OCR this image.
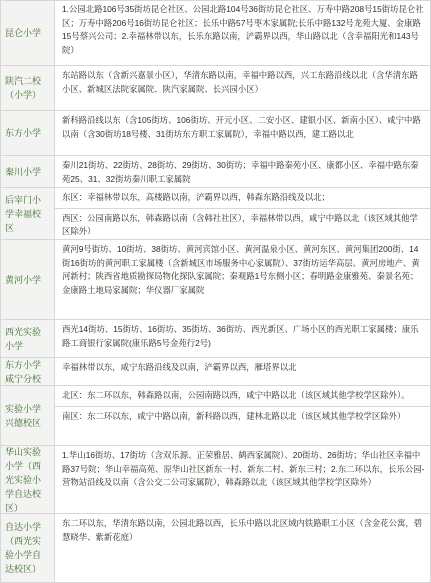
昆仑小学

1.公园北路106号35街坊昆仑社区、公园北路104号36街坊昆仑社区、万寿中路208号15街坊昆仑社区；万寿中路206号16街坊昆仑社区；长乐中路57号枣木家属院;长乐中路132号龙苑大厦、金康路15号蔡兴公司；2.幸福林带以东，长乐东路以南，浐霸界以西，华山路以北（含幸福阳光和143号院）

陕汽二校（小学）

东站路以东（含新兴嘉景小区），华清东路以南，幸福中路以西，兴工东路沿线以北（含华清东路小区、新城区法院家属院、陕汽家属院、长兴园小区）

东方小学

新科路沿线以东（含105街坊、106街坊、开元小区、二安小区、建银小区、新南小区）、咸宁中路以南（含30街坊18号楼、31街坊东方职工家属院），幸福中路以西，建工路以北

秦川小学

秦川21街坊、22街坊、28街坊、29街坊、30街坊；幸福中路秦苑小区、康都小区、幸福中路东秦苑25、31、32街坊秦川职工家属院

后宰门小学幸福校区

东区：幸福林带以东，高楼路以南，浐霸界以西，韩森东路沿线及以北；

西区：公园南路以东，韩森路以南（含韩社社区），幸福林带以西，咸宁中路以北（该区域其他学区除外）

黄河小学

黄河9号街坊、10街坊、38街坊、黄河宾馆小区、黄河温泉小区、黄河东区、黄河集团200街、14街16街坊的黄河职工家属楼（含新城区市场服务中心家属院）、37街坊运华高层、黄河房地产、黄河新村；陕西省地质勘探局物化探队家属院；秦观路1号东侧小区；春明路金康雅苑、秦景名苑；金康路土地局家属院；华仪器厂家属院

西光实验小学

西光14街坊、15街坊、16街坊、35街坊、36街坊、西光新区、广场小区的西光职工家属楼；康乐路工商银行家属院(康乐路5号金苑行2号)

东方小学咸宁分校

幸福林带以东，咸宁东路沿线及以南，浐霸界以西，雁塔界以北

实验小学兴德校区

北区：东二环以东，韩森路以南，公园南路以西，咸宁中路以北（该区域其他学校学区除外）。

南区：东二环以东，咸宁中路以南，新科路以西，建林北路以北（该区域其他学校学区除外）

华山实验小学（西光实验小学自达校区）

1.华山16街坊、17街坊（含双乐源、正荣雅居、鹤西家属院）、20街坊、26街坊；华山社区幸福中路37号院；华山幸福高苑、原华山社区新东一村、新东二村、新东三村；2.东二环以东，长乐公园-营物站沿线及以南（含公交二公司家属院），韩森路以北（该区域其他学校学区除外）

自达小学（西光实验小学自达校区）

东二环以东，华清东路以南，公园北路以西，长乐中路以北区域内铁路职工小区（含金花公寓，碧慧晓华、紫新花庭）
